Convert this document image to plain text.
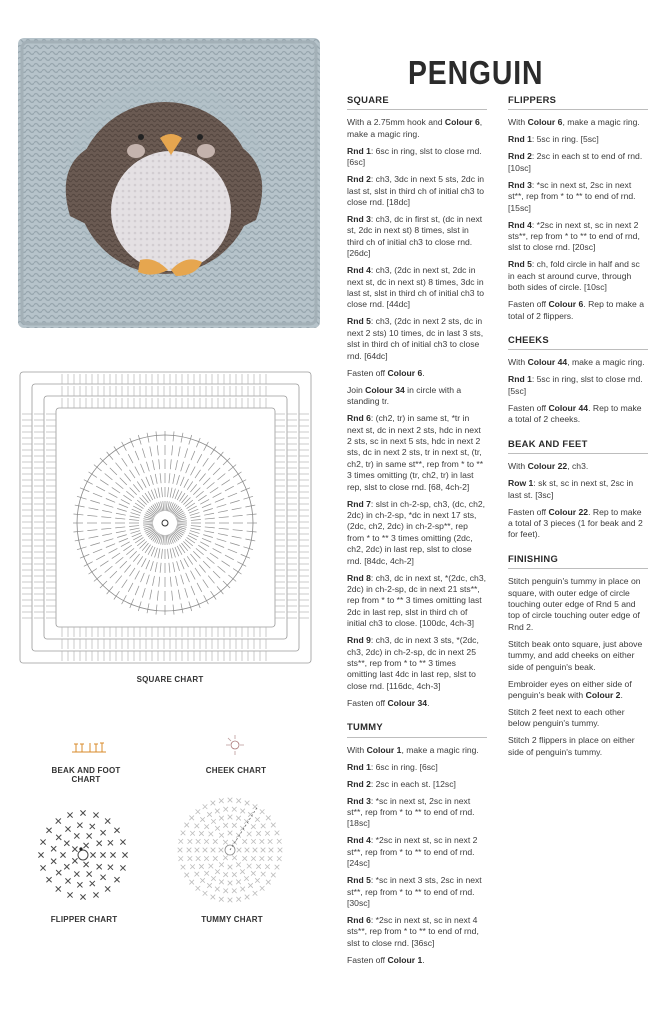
PENGUIN
SQUARE CHART
BEAK AND FOOT CHART
CHEEK CHART
FLIPPER CHART	TUMMY CHART
SQUARE
With a 2.75mm hook and Colour 6, make a magic ring.
Rnd 1: 6sc in ring, slst to close rnd. [6sc]
Rnd 2: ch3, 3dc in next 5 sts, 2dc in last st, slst in third ch of initial ch3 to close rnd. [18dc]
Rnd 3: ch3, dc in first st, (dc in next st, 2dc in next st) 8 times, slst in third ch of initial ch3 to close rnd. [26dc]
Rnd 4: ch3, (2dc in next st, 2dc in next st, dc in next st) 8 times, 3dc in last st, slst in third ch of initial ch3 to close rnd. [44dc]
Rnd 5: ch3, (2dc in next 2 sts, dc in next 2 sts) 10 times, dc in last 3 sts, slst in third ch of initial ch3 to close rnd. [64dc]
Fasten off Colour 6.
Join Colour 34 in circle with a standing tr.
Rnd 6: (ch2, tr) in same st, *tr in next st, dc in next 2 sts, hdc in next 2 sts, sc in next 5 sts, hdc in next 2 sts, dc in next 2 sts, tr in next st, (tr, ch2, tr) in same st**, rep from * to ** 3 times omitting (tr, ch2, tr) in last rep, slst to close rnd. [68, 4ch-2]
Rnd 7: slst in ch-2-sp, ch3, (dc, ch2, 2dc) in ch-2-sp, *dc in next 17 sts, (2dc, ch2, 2dc) in ch-2-sp**, rep from * to ** 3 times omitting (2dc, ch2, 2dc) in last rep, slst to close rnd. [84dc, 4ch-2]
Rnd 8: ch3, dc in next st, *(2dc, ch3, 2dc) in ch-2-sp, dc in next 21 sts**, rep from * to ** 3 times omitting last 2dc in last rep, slst in third ch of initial ch3 to close. [100dc, 4ch-3]
Rnd 9: ch3, dc in next 3 sts, *(2dc, ch3, 2dc) in ch-2-sp, dc in next 25 sts**, rep from * to ** 3 times omitting last 4dc in last rep, slst to close rnd. [116dc, 4ch-3]
Fasten off Colour 34.
TUMMY
With Colour 1, make a magic ring.
Rnd 1: 6sc in ring. [6sc]
Rnd 2: 2sc in each st. [12sc]
Rnd 3: *sc in next st, 2sc in next st**, rep from * to ** to end of rnd. [18sc]
Rnd 4: *2sc in next st, sc in next 2 st**, rep from * to ** to end of rnd. [24sc]
Rnd 5: *sc in next 3 sts, 2sc in next st**, rep from * to ** to end of rnd. [30sc]
Rnd 6: *2sc in next st, sc in next 4 sts**, rep from * to ** to end of rnd, slst to close rnd. [36sc]
Fasten off Colour 1.
FLIPPERS
With Colour 6, make a magic ring.
Rnd 1: 5sc in ring. [5sc]
Rnd 2: 2sc in each st to end of rnd. [10sc]
Rnd 3: *sc in next st, 2sc in next st**, rep from * to ** to end of rnd. [15sc]
Rnd 4: *2sc in next st, sc in next 2 sts**, rep from * to ** to end of rnd, slst to close rnd. [20sc]
Rnd 5: ch, fold circle in half and sc in each st around curve, through both sides of circle. [10sc]
Fasten off Colour 6. Rep to make a total of 2 flippers.
CHEEKS
With Colour 44, make a magic ring.
Rnd 1: 5sc in ring, slst to close rnd. [5sc]
Fasten off Colour 44. Rep to make a total of 2 cheeks.
BEAK AND FEET
With Colour 22, ch3.
Row 1: sk st, sc in next st, 2sc in last st. [3sc]
Fasten off Colour 22. Rep to make a total of 3 pieces (1 for beak and 2 for feet).
FINISHING
Stitch penguin's tummy in place on square, with outer edge of circle touching outer edge of Rnd 5 and top of circle touching outer edge of Rnd 2.
Stitch beak onto square, just above tummy, and add cheeks on either side of penguin's beak.
Embroider eyes on either side of penguin's beak with Colour 2.
Stitch 2 feet next to each other below penguin's tummy.
Stitch 2 flippers in place on either side of penguin's tummy.
